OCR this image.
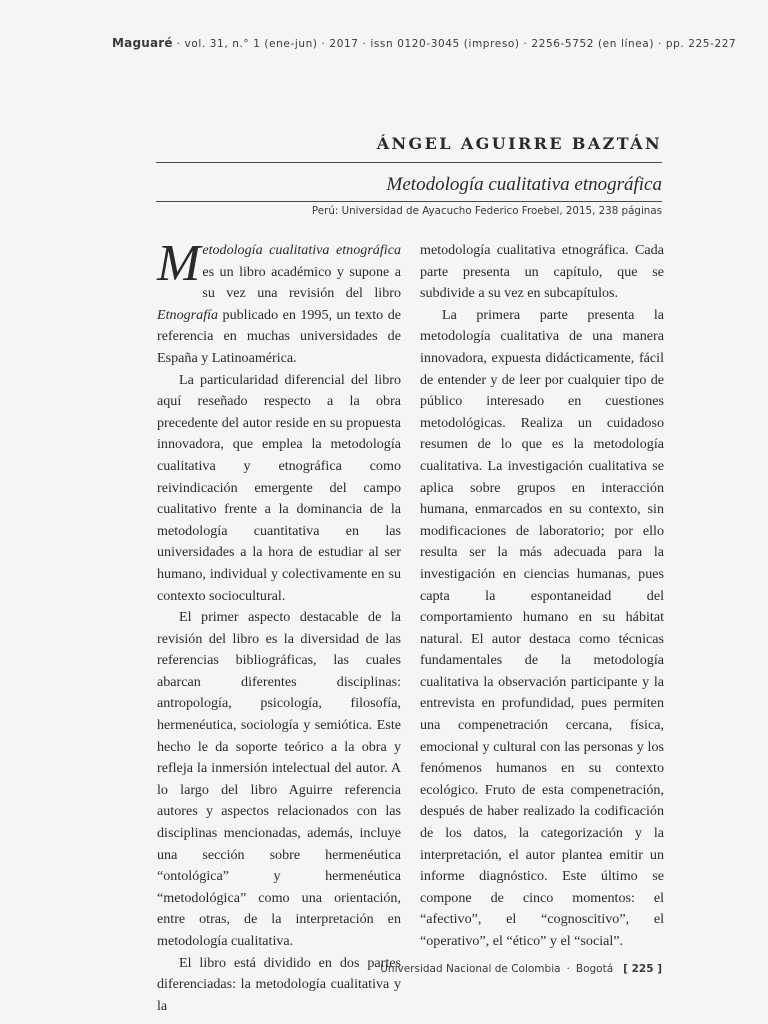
Maguaré · vol. 31, n.° 1 (ene-jun) · 2017 · issn 0120-3045 (impreso) · 2256-5752 (en línea) · pp. 225-227
ÁNGEL AGUIRRE BAZTÁN
Metodología cualitativa etnográfica
Perú: Universidad de Ayacucho Federico Froebel, 2015, 238 páginas

Metodología cualitativa etnográfica es un libro académico y supone a su vez una revisión del libro Etnografía publicado en 1995, un texto de referencia en muchas universidades de España y Latinoamérica.

La particularidad diferencial del libro aquí reseñado respecto a la obra precedente del autor reside en su propuesta innovadora, que emplea la metodología cualitativa y etnográfica como reivindicación emergente del campo cualitativo frente a la dominancia de la metodología cuantitativa en las universidades a la hora de estudiar al ser humano, individual y colectivamente en su contexto sociocultural.

El primer aspecto destacable de la revisión del libro es la diversidad de las referencias bibliográficas, las cuales abarcan diferentes disciplinas: antropología, psicología, filosofía, hermenéutica, sociología y semiótica. Este hecho le da soporte teórico a la obra y refleja la inmersión intelectual del autor. A lo largo del libro Aguirre referencia autores y aspectos relacionados con las disciplinas mencionadas, además, incluye una sección sobre hermenéutica “ontológica” y hermenéutica “metodológica” como una orientación, entre otras, de la interpretación en metodología cualitativa.

El libro está dividido en dos partes diferenciadas: la metodología cualitativa y la

metodología cualitativa etnográfica. Cada parte presenta un capítulo, que se subdivide a su vez en subcapítulos.

La primera parte presenta la metodología cualitativa de una manera innovadora, expuesta didácticamente, fácil de entender y de leer por cualquier tipo de público interesado en cuestiones metodológicas. Realiza un cuidadoso resumen de lo que es la metodología cualitativa. La investigación cualitativa se aplica sobre grupos en interacción humana, enmarcados en su contexto, sin modificaciones de laboratorio; por ello resulta ser la más adecuada para la investigación en ciencias humanas, pues capta la espontaneidad del comportamiento humano en su hábitat natural. El autor destaca como técnicas fundamentales de la metodología cualitativa la observación participante y la entrevista en profundidad, pues permiten una compenetración cercana, física, emocional y cultural con las personas y los fenómenos humanos en su contexto ecológico. Fruto de esta compenetración, después de haber realizado la codificación de los datos, la categorización y la interpretación, el autor plantea emitir un informe diagnóstico. Este último se compone de cinco momentos: el “afectivo”, el “cognoscitivo”, el “operativo”, el “ético” y el “social”.

Universidad Nacional de Colombia · Bogotá [ 225 ]
